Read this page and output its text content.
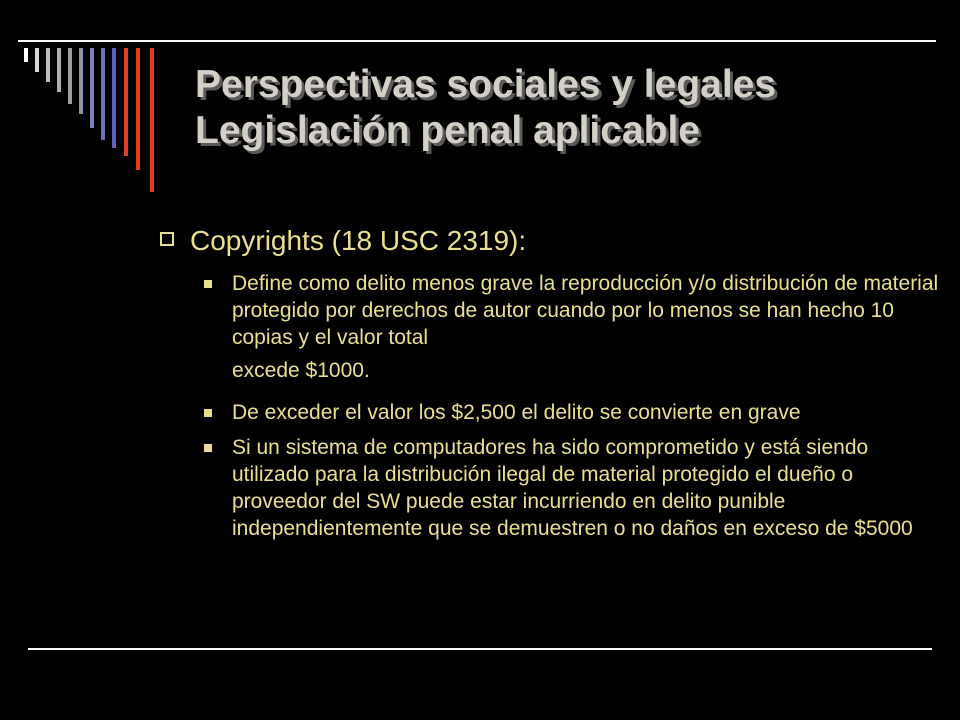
Perspectivas sociales y legales
Legislación penal aplicable
Copyrights (18 USC 2319):
Define como delito menos grave la reproducción y/o distribución de material protegido por derechos de autor cuando por lo menos se han hecho 10 copias y el valor total
excede $1000.
De exceder el valor los $2,500 el delito se convierte en grave
Si un sistema de computadores ha sido comprometido y está siendo utilizado para la distribución ilegal de material protegido el dueño o proveedor del SW puede estar incurriendo en delito punible independientemente que se demuestren o no daños en exceso de $5000
